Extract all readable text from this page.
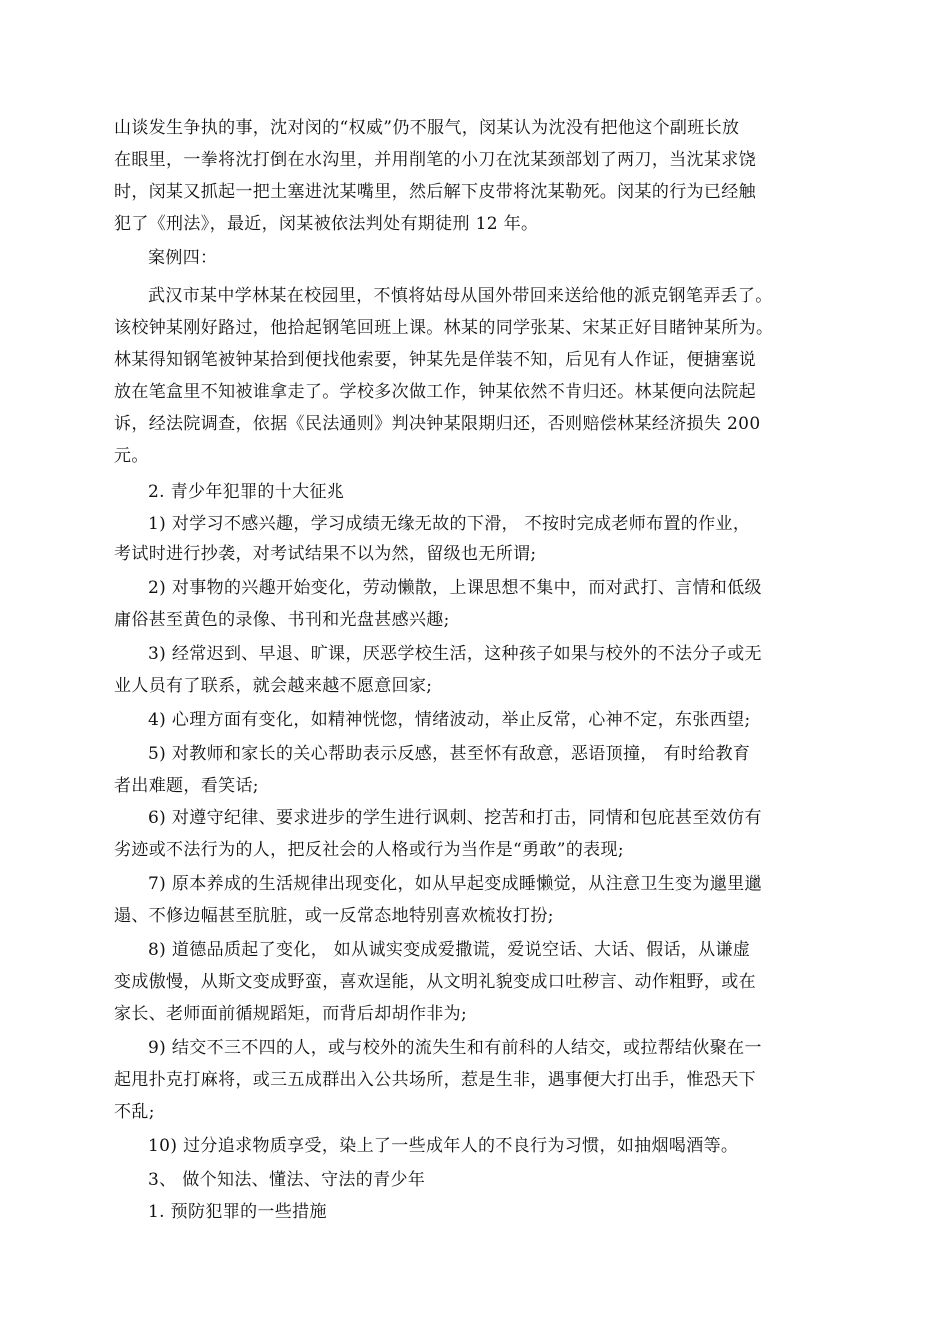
山谈发生争执的事，沈对闵的“权威”仍不服气，闵某认为沈没有把他这个副班长放
在眼里，一拳将沈打倒在水沟里，并用削笔的小刀在沈某颈部划了两刀，当沈某求饶
时，闵某又抓起一把土塞进沈某嘴里，然后解下皮带将沈某勒死。闵某的行为已经触
犯了《刑法》，最近，闵某被依法判处有期徒刑 12 年。
案例四：
武汉市某中学林某在校园里，不慎将姑母从国外带回来送给他的派克钢笔弄丢了。
该校钟某刚好路过，他拾起钢笔回班上课。林某的同学张某、宋某正好目睹钟某所为。
林某得知钢笔被钟某拾到便找他索要，钟某先是佯装不知，后见有人作证，便搪塞说
放在笔盒里不知被谁拿走了。学校多次做工作，钟某依然不肯归还。林某便向法院起
诉，经法院调查，依据《民法通则》判决钟某限期归还，否则赔偿林某经济损失 200
元。
2. 青少年犯罪的十大征兆
1) 对学习不感兴趣，学习成绩无缘无故的下滑， 不按时完成老师布置的作业，
考试时进行抄袭，对考试结果不以为然，留级也无所谓;
2) 对事物的兴趣开始变化，劳动懒散，上课思想不集中，而对武打、言情和低级
庸俗甚至黄色的录像、书刊和光盘甚感兴趣;
3) 经常迟到、早退、旷课，厌恶学校生活，这种孩子如果与校外的不法分子或无
业人员有了联系，就会越来越不愿意回家;
4) 心理方面有变化，如精神恍惚，情绪波动，举止反常，心神不定，东张西望;
5) 对教师和家长的关心帮助表示反感，甚至怀有敌意，恶语顶撞， 有时给教育
者出难题，看笑话;
6) 对遵守纪律、要求进步的学生进行讽刺、挖苦和打击，同情和包庇甚至效仿有
劣迹或不法行为的人，把反社会的人格或行为当作是“勇敢”的表现;
7) 原本养成的生活规律出现变化，如从早起变成睡懒觉，从注意卫生变为邋里邋
遢、不修边幅甚至肮脏，或一反常态地特别喜欢梳妆打扮;
8) 道德品质起了变化， 如从诚实变成爱撒谎，爱说空话、大话、假话，从谦虚
变成傲慢，从斯文变成野蛮，喜欢逞能，从文明礼貌变成口吐秽言、动作粗野，或在
家长、老师面前循规蹈矩，而背后却胡作非为;
9) 结交不三不四的人，或与校外的流失生和有前科的人结交，或拉帮结伙聚在一
起甩扑克打麻将，或三五成群出入公共场所，惹是生非，遇事便大打出手，惟恐天下
不乱;
10) 过分追求物质享受，染上了一些成年人的不良行为习惯，如抽烟喝酒等。
3、 做个知法、懂法、守法的青少年
1. 预防犯罪的一些措施
